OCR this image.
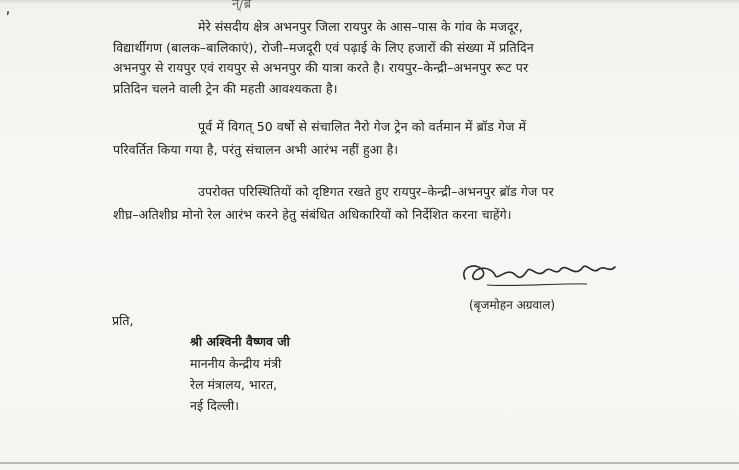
’
न्/ब्र
मेरे संसदीय क्षेत्र अभनपुर जिला रायपुर के आस–पास के गांव के मजदूर,
विद्यार्थीगण (बालक–बालिकाएं), रोजी–मजदूरी एवं पढ़ाई के लिए हजारों की संख्या में प्रतिदिन
अभनपुर से रायपुर एवं रायपुर से अभनपुर की यात्रा करते है। रायपुर–केन्द्री–अभनपुर रूट पर
प्रतिदिन चलने वाली ट्रेन की महती आवश्यकता है।
पूर्व में विगत् 50 वर्षो से संचालित नैरो गेज ट्रेन को वर्तमान में ब्रॉड गेज में
परिवर्तित किया गया है, परंतु संचालन अभी आरंभ नहीं हुआ है।
उपरोक्त परिस्थितियों को दृष्टिगत रखते हुए रायपुर–केन्द्री–अभनपुर ब्रॉड गेज पर
शीघ्र–अतिशीघ्र मोनो रेल आरंभ करने हेतु संबंधित अधिकारियों को निर्देशित करना चाहेंगे।
(बृजमोहन अग्रवाल)
प्रति,
श्री अश्विनी वैष्णव जी
माननीय केन्द्रीय मंत्री
रेल मंत्रालय, भारत,
नई दिल्ली।
